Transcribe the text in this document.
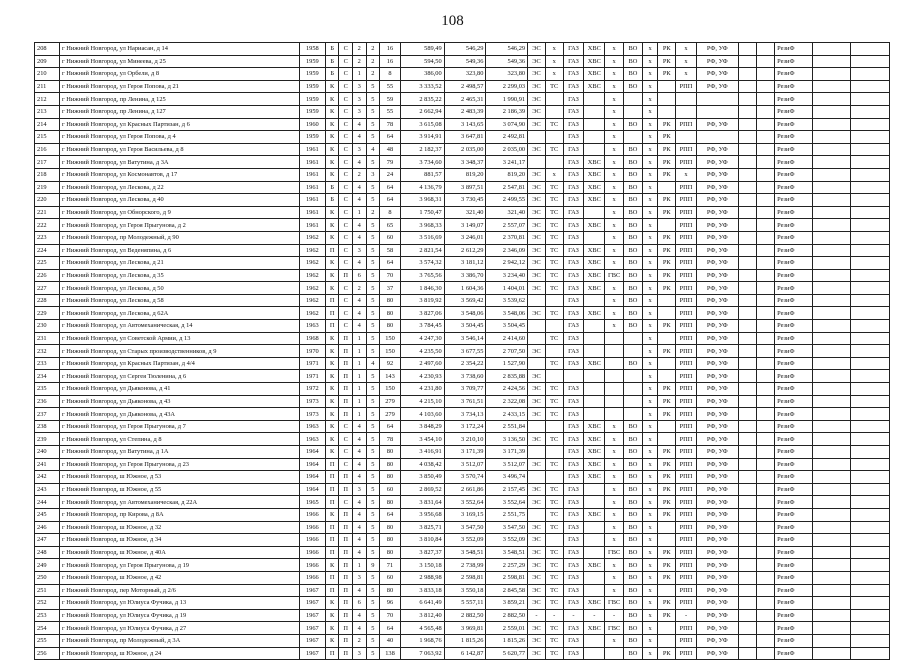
108
208	г Нижний Новгород, ул Нариасан, д 14	1958	Б	С	2	2	16	589,49	546,29	546,29	ЭС	х	ГАЗ	ХВС	х	ВО	х	РК	х	РФ, УФ			РезиФ		
209	г Нижний Новгород, ул Минеева, д 25	1959	Б	С	2	2	16	594,50	549,36	549,36	ЭС	х	ГАЗ	ХВС	х	ВО	х	РК	х	РФ, УФ			РезиФ		
210	г Нижний Новгород, ул Орбели, д 8	1959	Б	С	1	2	8	386,00	323,80	323,80	ЭС	х	ГАЗ	ХВС	х	ВО	х	РК	х	РФ, УФ			РезиФ		
211	г Нижний Новгород, ул Героя Попова, д 21	1959	К	С	3	5	55	3 333,52	2 498,57	2 299,03	ЭС	ТС	ГАЗ	ХВС	х	ВО	х		РПП	РФ, УФ			РезиФ		
212	г Нижний Новгород, пр Ленина, д 125	1959	К	С	3	5	59	2 835,22	2 465,31	1 990,91	ЭС		ГАЗ		х		х						РезиФ		
213	г Нижний Новгород, пр Ленина, д 127	1959	К	С	3	5	55	2 662,94	2 483,39	2 186,39	ЭС		ГАЗ		х		х						РезиФ		
214	г Нижний Новгород, ул Красных Партизан, д 6	1960	К	С	4	5	78	3 615,08	3 143,65	3 074,90	ЭС	ТС	ГАЗ		х	ВО	х	РК	РПП	РФ, УФ			РезиФ		
215	г Нижний Новгород, ул Героя Попова, д 4	1959	К	С	4	5	64	3 914,91	3 647,81	2 492,81			ГАЗ		х		х	РК					РезиФ		
216	г Нижний Новгород, ул Героя Васильева, д 8	1961	К	С	3	4	48	2 182,37	2 035,00	2 035,00	ЭС	ТС	ГАЗ		х	ВО	х	РК	РПП	РФ, УФ			РезиФ		
217	г Нижний Новгород, ул Ватутина, д 3А	1961	К	С	4	5	79	3 734,60	3 348,37	3 241,17			ГАЗ	ХВС	х	ВО	х	РК	РПП	РФ, УФ			РезиФ		
218	г Нижний Новгород, ул Космонавтов, д 17	1961	К	С	2	3	24	881,57	819,20	819,20	ЭС	х	ГАЗ	ХВС	х	ВО	х	РК	х	РФ, УФ			РезиФ		
219	г Нижний Новгород, ул Лескова, д 22	1961	Б	С	4	5	64	4 136,79	3 897,51	2 547,81	ЭС	ТС	ГАЗ	ХВС	х	ВО	х		РПП	РФ, УФ			РезиФ		
220	г Нижний Новгород, ул Лескова, д 40	1961	Б	С	4	5	64	3 968,31	3 730,45	2 499,55	ЭС	ТС	ГАЗ	ХВС	х	ВО	х	РК	РПП	РФ, УФ			РезиФ		
221	г Нижний Новгород, ул Обнорского, д 9	1961	К	С	1	2	8	1 750,47	321,40	321,40	ЭС	ТС	ГАЗ		х	ВО	х	РК	РПП	РФ, УФ			РезиФ		
222	г Нижний Новгород, ул Героя Прыгунова, д 2	1961	К	С	4	5	65	3 968,33	3 149,07	2 557,07	ЭС	ТС	ГАЗ	ХВС	х	ВО	х		РПП	РФ, УФ			РезиФ		
223	г Нижний Новгород, пр Молодежный, д 90	1962	К	С	4	5	60	3 516,69	3 246,01	2 370,81	ЭС	ТС	ГАЗ		х	ВО	х	РК	РПП	РФ, УФ			РезиФ		
224	г Нижний Новгород, ул Веденяпина, д 6	1962	П	С	3	5	58	2 821,54	2 612,29	2 346,09	ЭС	ТС	ГАЗ	ХВС	х	ВО	х	РК	РПП	РФ, УФ			РезиФ		
225	г Нижний Новгород, ул Лескова, д 21	1962	К	С	4	5	64	3 574,32	3 181,12	2 942,12	ЭС	ТС	ГАЗ	ХВС	х	ВО	х	РК	РПП	РФ, УФ			РезиФ		
226	г Нижний Новгород, ул Лескова, д 35	1962	К	П	6	5	70	3 765,56	3 386,70	3 234,40	ЭС	ТС	ГАЗ	ХВС	ГВС	ВО	х	РК	РПП	РФ, УФ			РезиФ		
227	г Нижний Новгород, ул Лескова, д 50	1962	К	С	2	5	37	1 846,30	1 604,36	1 404,01	ЭС	ТС	ГАЗ	ХВС	х	ВО	х	РК	РПП	РФ, УФ			РезиФ		
228	г Нижний Новгород, ул Лескова, д 58	1962	П	С	4	5	80	3 819,92	3 569,42	3 539,62			ГАЗ		х	ВО	х		РПП	РФ, УФ			РезиФ		
229	г Нижний Новгород, ул Лескова, д 62А	1962	П	С	4	5	80	3 827,06	3 548,06	3 548,06	ЭС	ТС	ГАЗ	ХВС	х	ВО	х		РПП	РФ, УФ			РезиФ		
230	г Нижний Новгород, ул Автомеханическая, д 14	1963	П	С	4	5	80	3 784,45	3 504,45	3 504,45			ГАЗ		х	ВО	х	РК	РПП	РФ, УФ			РезиФ		
231	г Нижний Новгород, ул Советской Армии, д 13	1968	К	П	1	5	150	4 247,30	3 546,14	2 414,60		ТС	ГАЗ				х		РПП	РФ, УФ			РезиФ		
232	г Нижний Новгород, ул Старых производственников, д 9	1970	К	П	1	5	150	4 235,50	3 677,55	2 707,50	ЭС		ГАЗ				х	РК	РПП	РФ, УФ			РезиФ		
233	г Нижний Новгород, ул Красных Партизан, д 4/4	1971	К	П	1	4	92	2 497,60	2 354,22	1 527,90		ТС	ГАЗ	ХВС		ВО	х		РПП	РФ, УФ			РезиФ		
234	г Нижний Новгород, ул Сергея Тюленина, д 6	1971	К	П	1	5	143	4 230,93	3 738,60	2 835,88	ЭС						х		РПП	РФ, УФ			РезиФ		
235	г Нижний Новгород, ул Дьяконова, д 41	1972	К	П	1	5	150	4 231,80	3 709,77	2 424,56	ЭС	ТС	ГАЗ				х	РК	РПП	РФ, УФ			РезиФ		
236	г Нижний Новгород, ул Дьяконова, д 43	1973	К	П	1	5	279	4 215,10	3 761,51	2 322,08	ЭС	ТС	ГАЗ				х	РК	РПП	РФ, УФ			РезиФ		
237	г Нижний Новгород, ул Дьяконова, д 43А	1973	К	П	1	5	279	4 103,60	3 734,13	2 433,15	ЭС	ТС	ГАЗ				х	РК	РПП	РФ, УФ			РезиФ		
238	г Нижний Новгород, ул Героя Прыгунова, д 7	1963	К	С	4	5	64	3 848,29	3 172,24	2 551,84			ГАЗ	ХВС	х	ВО	х		РПП	РФ, УФ			РезиФ		
239	г Нижний Новгород, ул Степина, д 8	1963	К	С	4	5	78	3 454,10	3 210,10	3 136,50	ЭС	ТС	ГАЗ	ХВС	х	ВО	х		РПП	РФ, УФ			РезиФ		
240	г Нижний Новгород, ул Ватутина, д 1А	1964	К	С	4	5	80	3 416,91	3 171,39	3 171,39			ГАЗ	ХВС	х	ВО	х	РК	РПП	РФ, УФ			РезиФ		
241	г Нижний Новгород, ул Героя Прыгунова, д 23	1964	П	С	4	5	80	4 038,42	3 512,07	3 512,07	ЭС	ТС	ГАЗ	ХВС	х	ВО	х	РК	РПП	РФ, УФ			РезиФ		
242	г Нижний Новгород, ш Южное, д 53	1964	П	П	4	5	80	3 850,49	3 570,74	3 496,74			ГАЗ	ХВС	х	ВО	х	РК	РПП	РФ, УФ			РезиФ		
243	г Нижний Новгород, ш Южное, д 55	1964	П	П	3	5	60	2 869,52	2 661,86	2 157,45	ЭС	ТС	ГАЗ		х	ВО	х	РК	РПП	РФ, УФ			РезиФ		
244	г Нижний Новгород, ул Автомеханическая, д 22А	1965	П	С	4	5	80	3 831,64	3 552,64	3 552,64	ЭС	ТС	ГАЗ		х	ВО	х	РК	РПП	РФ, УФ			РезиФ		
245	г Нижний Новгород, пр Кирова, д 8А	1966	К	П	4	5	64	3 956,68	3 169,15	2 551,75		ТС	ГАЗ	ХВС	х	ВО	х	РК	РПП	РФ, УФ			РезиФ		
246	г Нижний Новгород, ш Южное, д 32	1966	П	П	4	5	80	3 825,71	3 547,50	3 547,50	ЭС	ТС	ГАЗ		х	ВО	х		РПП	РФ, УФ			РезиФ		
247	г Нижний Новгород, ш Южное, д 34	1966	П	П	4	5	80	3 810,84	3 552,09	3 552,09	ЭС		ГАЗ		х	ВО	х		РПП	РФ, УФ			РезиФ		
248	г Нижний Новгород, ш Южное, д 40А	1966	П	П	4	5	80	3 827,37	3 548,51	3 548,51	ЭС	ТС	ГАЗ		ГВС	ВО	х	РК	РПП	РФ, УФ			РезиФ		
249	г Нижний Новгород, ул Героя Прыгунова, д 19	1966	К	П	1	9	71	3 150,18	2 738,99	2 257,29	ЭС	ТС	ГАЗ	ХВС	х	ВО	х	РК	РПП	РФ, УФ			РезиФ		
250	г Нижний Новгород, ш Южное, д 42	1966	П	П	3	5	60	2 988,98	2 598,81	2 598,81	ЭС	ТС	ГАЗ		х	ВО	х	РК	РПП	РФ, УФ			РезиФ		
251	г Нижний Новгород, пер Моторный, д 2/6	1967	П	П	4	5	80	3 833,18	3 550,18	2 845,58	ЭС	ТС	ГАЗ		х	ВО	х		РПП	РФ, УФ			РезиФ		
252	г Нижний Новгород, ул Юлиуса Фучика, д 13	1967	К	П	6	5	96	6 641,49	5 557,11	3 859,21	ЭС	ТС	ГАЗ	ХВС	ГВС	ВО	х	РК	РПП	РФ, УФ			РезиФ		
253	г Нижний Новгород, ул Юлиуса Фучика, д 19	1967	К	П	4	5	70	3 812,40	2 882,50	2 882,50	-	-	-	-	-	ВО	х	РК	-	РФ, УФ			РезиФ		
254	г Нижний Новгород, ул Юлиуса Фучика, д 27	1967	К	П	4	5	64	4 565,48	3 969,81	2 559,01	ЭС	ТС	ГАЗ	ХВС	ГВС	ВО	х		РПП	РФ, УФ			РезиФ		
255	г Нижний Новгород, пр Молодежный, д 3А	1967	К	П	2	5	40	1 968,76	1 815,26	1 815,26	ЭС	ТС	ГАЗ		х	ВО	х		РПП	РФ, УФ			РезиФ		
256	г Нижний Новгород, ш Южное, д 24	1967	П	П	3	5	138	7 063,92	6 142,87	5 620,77	ЭС	ТС	ГАЗ			ВО	х	РК	РПП	РФ, УФ			РезиФ		
